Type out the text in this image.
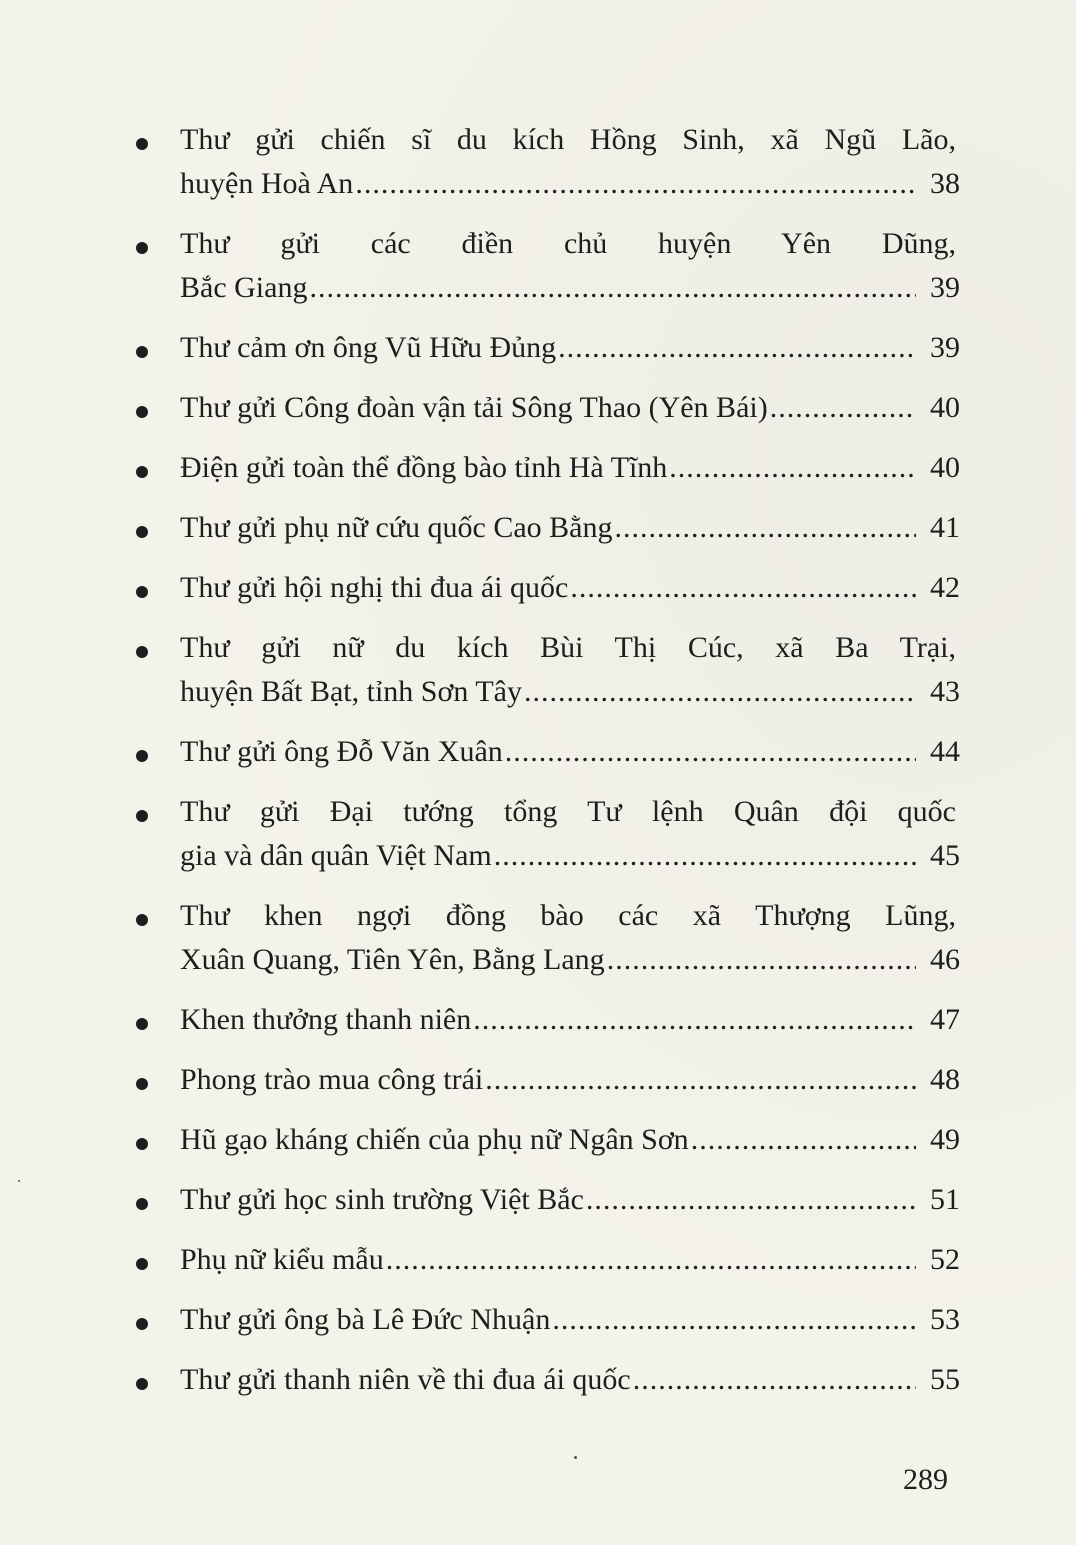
Thư gửi chiến sĩ du kích Hồng Sinh, xã Ngũ Lão,
huyện Hoà An .....	38
Thư gửi các điền chủ huyện Yên Dũng,
Bắc Giang .....	39
Thư cảm ơn ông Vũ Hữu Đủng .....	39
Thư gửi Công đoàn vận tải Sông Thao (Yên Bái) .....	40
Điện gửi toàn thể đồng bào tỉnh Hà Tĩnh .....	40
Thư gửi phụ nữ cứu quốc Cao Bằng .....	41
Thư gửi hội nghị thi đua ái quốc .....	42
Thư gửi nữ du kích Bùi Thị Cúc, xã Ba Trại,
huyện Bất Bạt, tỉnh Sơn Tây .....	43
Thư gửi ông Đỗ Văn Xuân .....	44
Thư gửi Đại tướng tổng Tư lệnh Quân đội quốc
gia và dân quân Việt Nam .....	45
Thư khen ngợi đồng bào các xã Thượng Lũng,
Xuân Quang, Tiên Yên, Bằng Lang .....	46
Khen thưởng thanh niên .....	47
Phong trào mua công trái .....	48
Hũ gạo kháng chiến của phụ nữ Ngân Sơn .....	49
Thư gửi học sinh trường Việt Bắc .....	51
Phụ nữ kiểu mẫu .....	52
Thư gửi ông bà Lê Đức Nhuận .....	53
Thư gửi thanh niên về thi đua ái quốc .....	55
289
